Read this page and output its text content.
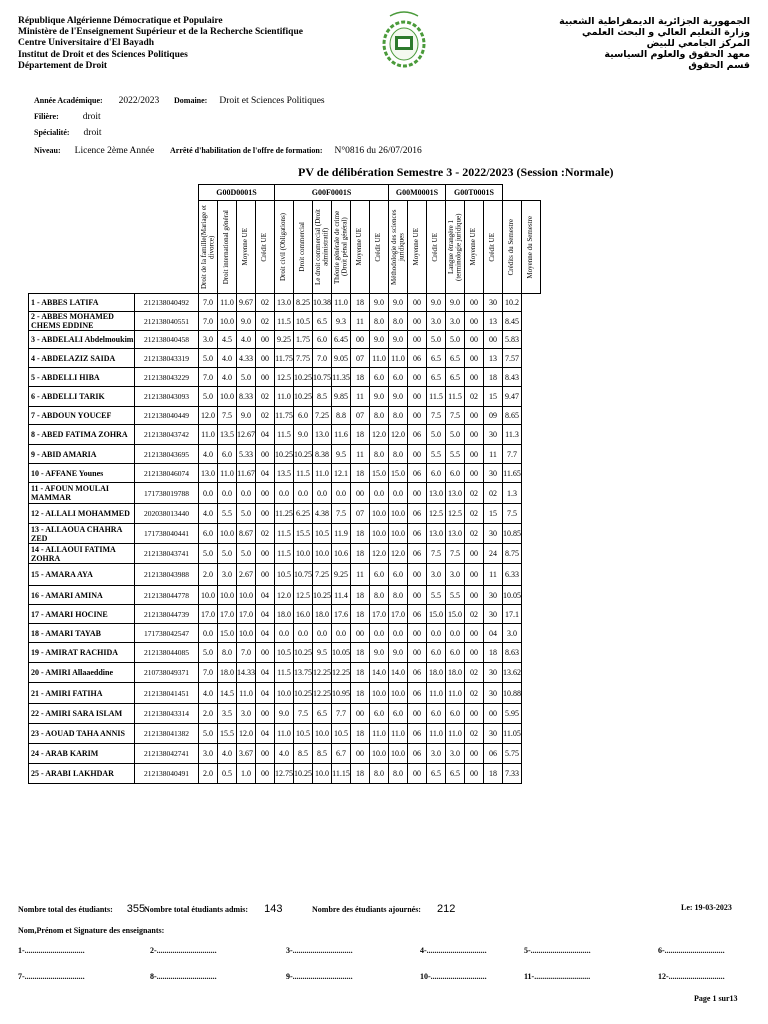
République Algérienne Démocratique et Populaire
Ministère de l'Enseignement Supérieur et de la Recherche Scientifique
Centre Universitaire d'El Bayadh
Institut de Droit et des Sciences Politiques
Département de Droit
الجمهورية الجزائرية الديمقراطية الشعبية
وزارة التعليم العالي و البحث العلمي
المركز الجامعي للبيض
معهد الحقوق والعلوم السياسية
قسم الحقوق
Année Académique: 2022/2023 Domaine: Droit et Sciences Politiques
Filière:	droit
Spécialité: droit
Niveau: Licence 2ème Année Arrêté d'habilitation de l'offre de formation: N°0816 du 26/07/2016
PV de délibération Semestre 3 - 2022/2023 (Session :Normale)
		G00D0001S				G00F0001S						G00M0001S			G00T0001S				

		Droit de la famille(Mariage et divorce)	Droit international général	Moyenne UE	Crédit UE	Droit civil (Obligations)	Droit commercial	Le droit commercial (Droit administratif)	Théorie générale de crime (Droit pénal général)	Moyenne UE	Crédit UE	Méthodologie des sciences juridiques	Moyenne UE	Crédit UE	Langue étrangère 1 (terminologie juridique)	Moyenne UE	Crédit UE	Crédits du Semestre	Moyenne du Semestre

1 - ABBES LATIFA	212138040492	7.0	11.0	9.67	02	13.0	8.25	10.38	11.0	18	9.0	9.0	00	9.0	9.0	00	30	10.2	
2 - ABBES MOHAMED CHEMS EDDINE	212138040551	7.0	10.0	9.0	02	11.5	10.5	6.5	9.3	11	8.0	8.0	00	3.0	3.0	00	13	8.45	
3 - ABDELALI Abdelmoukim	212138040458	3.0	4.5	4.0	00	9.25	1.75	6.0	6.45	00	9.0	9.0	00	5.0	5.0	00	00	5.83	
4 - ABDELAZIZ SAIDA	212138043319	5.0	4.0	4.33	00	11.75	7.75	7.0	9.05	07	11.0	11.0	06	6.5	6.5	00	13	7.57	
5 - ABDELLI HIBA	212138043229	7.0	4.0	5.0	00	12.5	10.25	10.75	11.35	18	6.0	6.0	00	6.5	6.5	00	18	8.43	
6 - ABDELLI TARIK	212138043093	5.0	10.0	8.33	02	11.0	10.25	8.5	9.85	11	9.0	9.0	00	11.5	11.5	02	15	9.47	
7 - ABDOUN YOUCEF	212138040449	12.0	7.5	9.0	02	11.75	6.0	7.25	8.8	07	8.0	8.0	00	7.5	7.5	00	09	8.65	
8 - ABED FATIMA ZOHRA	212138043742	11.0	13.5	12.67	04	11.5	9.0	13.0	11.6	18	12.0	12.0	06	5.0	5.0	00	30	11.3	
9 - ABID AMARIA	212138043695	4.0	6.0	5.33	00	10.25	10.25	8.38	9.5	11	8.0	8.0	00	5.5	5.5	00	11	7.7	
10 - AFFANE Younes	212138046074	13.0	11.0	11.67	04	13.5	11.5	11.0	12.1	18	15.0	15.0	06	6.0	6.0	00	30	11.65	
11 - AFOUN MOULAI MAMMAR	171738019788	0.0	0.0	0.0	00	0.0	0.0	0.0	0.0	00	0.0	0.0	00	13.0	13.0	02	02	1.3	
12 - ALLALI MOHAMMED	202038013440	4.0	5.5	5.0	00	11.25	6.25	4.38	7.5	07	10.0	10.0	06	12.5	12.5	02	15	7.5	
13 - ALLAOUA CHAHRA ZED	171738040441	6.0	10.0	8.67	02	11.5	15.5	10.5	11.9	18	10.0	10.0	06	13.0	13.0	02	30	10.85	
14 - ALLAOUI FATIMA ZOHRA	212138043741	5.0	5.0	5.0	00	11.5	10.0	10.0	10.6	18	12.0	12.0	06	7.5	7.5	00	24	8.75	
15 - AMARA AYA	212138043988	2.0	3.0	2.67	00	10.5	10.75	7.25	9.25	11	6.0	6.0	00	3.0	3.0	00	11	6.33	
16 - AMARI AMINA	212138044778	10.0	10.0	10.0	04	12.0	12.5	10.25	11.4	18	8.0	8.0	00	5.5	5.5	00	30	10.05	
17 - AMARI HOCINE	212138044739	17.0	17.0	17.0	04	18.0	16.0	18.0	17.6	18	17.0	17.0	06	15.0	15.0	02	30	17.1	
18 - AMARI TAYAB	171738042547	0.0	15.0	10.0	04	0.0	0.0	0.0	0.0	00	0.0	0.0	00	0.0	0.0	00	04	3.0	
19 - AMIRAT RACHIDA	212138044085	5.0	8.0	7.0	00	10.5	10.25	9.5	10.05	18	9.0	9.0	00	6.0	6.0	00	18	8.63	
20 - AMIRI Allaaeddine	210738049371	7.0	18.0	14.33	04	11.5	13.75	12.25	12.25	18	14.0	14.0	06	18.0	18.0	02	30	13.62	
21 - AMIRI FATIHA	212138041451	4.0	14.5	11.0	04	10.0	10.25	12.25	10.95	18	10.0	10.0	06	11.0	11.0	02	30	10.88	
22 - AMIRI SARA ISLAM	212138043314	2.0	3.5	3.0	00	9.0	7.5	6.5	7.7	00	6.0	6.0	00	6.0	6.0	00	00	5.95	
23 - AOUAD TAHA ANNIS	212138041382	5.0	15.5	12.0	04	11.0	10.5	10.0	10.5	18	11.0	11.0	06	11.0	11.0	02	30	11.05	
24 - ARAB KARIM	212138042741	3.0	4.0	3.67	00	4.0	8.5	8.5	6.7	00	10.0	10.0	06	3.0	3.0	00	06	5.75	
25 - ARABI LAKHDAR	212138040491	2.0	0.5	1.0	00	12.75	10.25	10.0	11.15	18	8.0	8.0	00	6.5	6.5	00	18	7.33	
Nombre total des étudiants: 355
Nombre total étudiants admis: 143	Nombre des étudiants ajournés: 212	Le: 19-03-2023
Nom,Prénom et Signature des enseignants:
1-..............................	2-..............................	3-..............................	4-..............................	5-..............................	6-..............................
7-..............................	8-..............................	9-..............................	10-............................	11-............................	12-............................
Page 1 sur13
